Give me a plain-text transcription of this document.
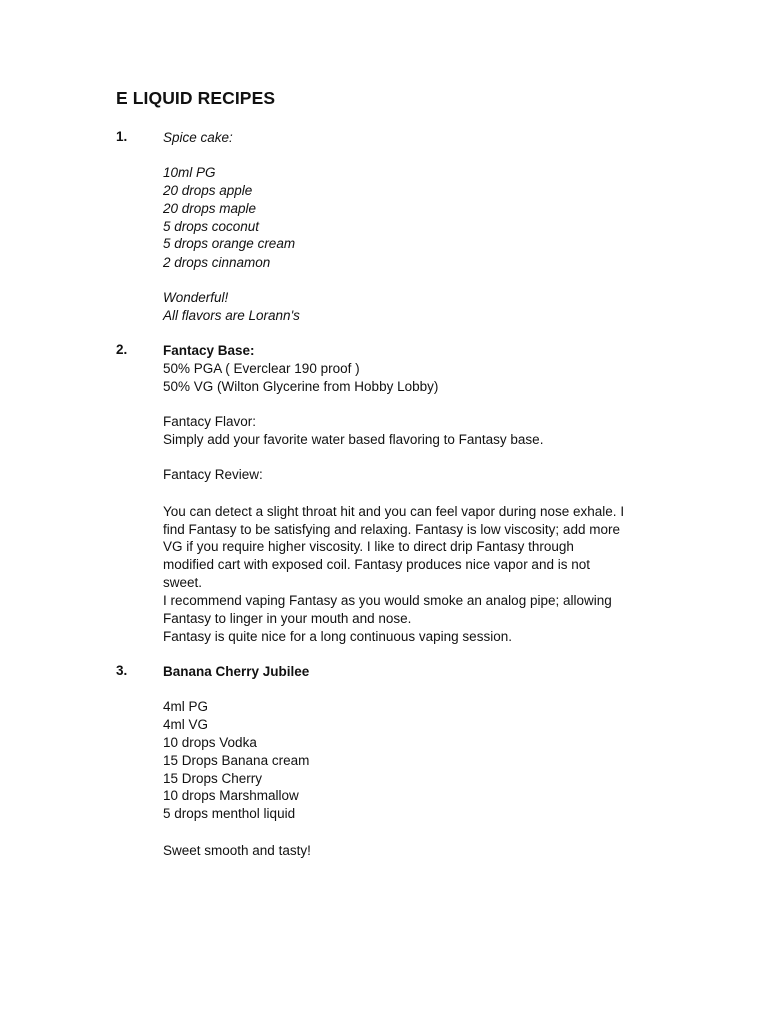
E LIQUID RECIPES
1.	Spice cake:
10ml PG
20 drops apple
20 drops maple
5 drops coconut
5 drops orange cream
2 drops cinnamon
Wonderful!
All flavors are Lorann's
2.	Fantacy Base:
50% PGA ( Everclear 190 proof )
50% VG (Wilton Glycerine from Hobby Lobby)
Fantacy Flavor:
Simply add your favorite water based flavoring to Fantasy base.
Fantacy Review:
You can detect a slight throat hit and you can feel vapor during nose exhale. I
find Fantasy to be satisfying and relaxing. Fantasy is low viscosity; add more
VG if you require higher viscosity. I like to direct drip Fantasy through
modified cart with exposed coil. Fantasy produces nice vapor and is not
sweet.
I recommend vaping Fantasy as you would smoke an analog pipe; allowing
Fantasy to linger in your mouth and nose.
Fantasy is quite nice for a long continuous vaping session.
3.	Banana Cherry Jubilee
4ml PG
4ml VG
10 drops Vodka
15 Drops Banana cream
15 Drops Cherry
10 drops Marshmallow
5 drops menthol liquid
Sweet smooth and tasty!
